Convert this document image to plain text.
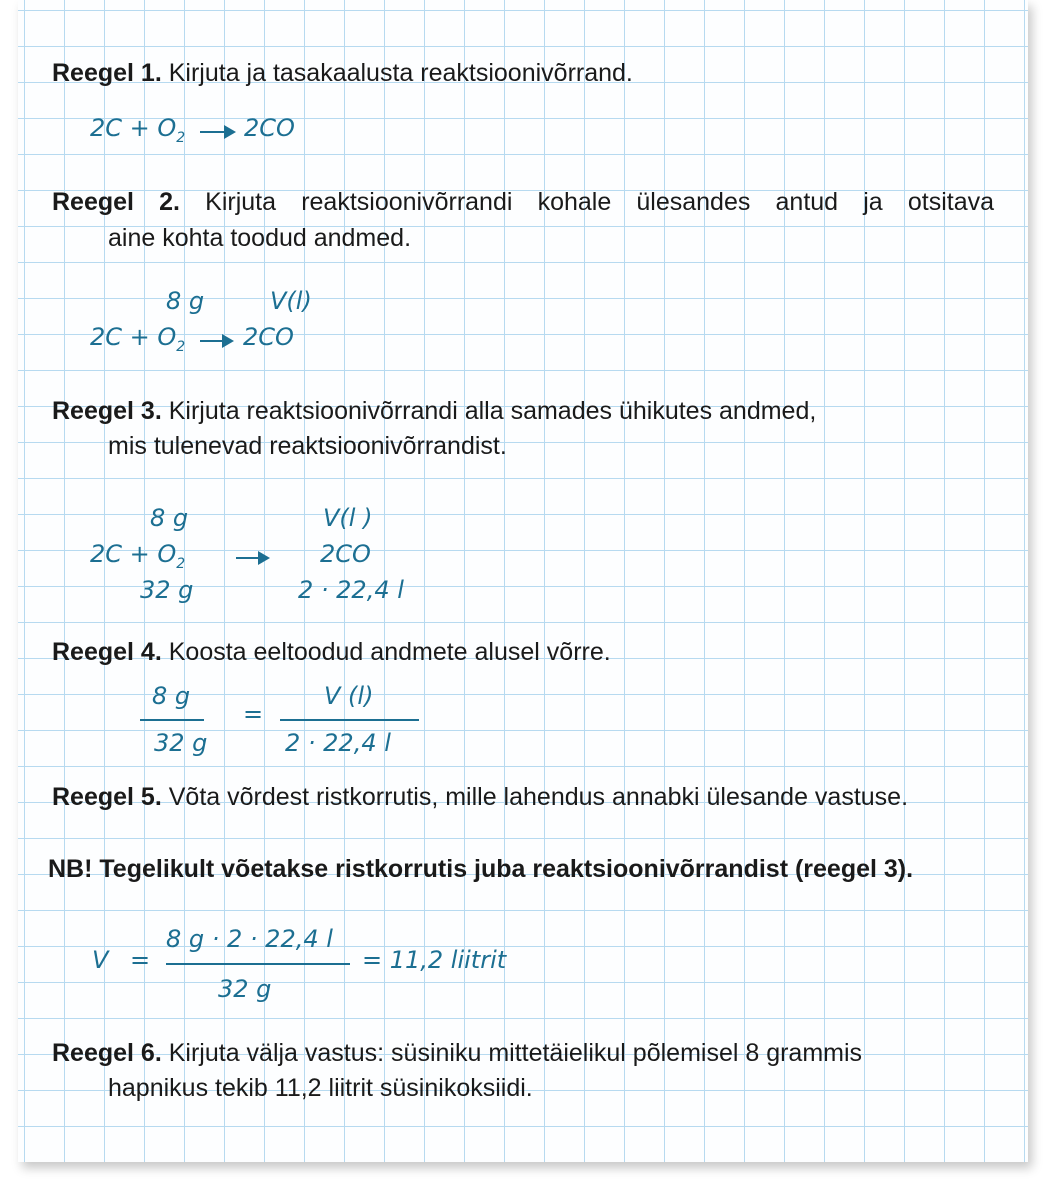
Reegel 1. Kirjuta ja tasakaalusta reaktsioonivõrrand.
$2C + O_2 \to 2CO$
Reegel 2. Kirjuta reaktsioonivõrrandi kohale ülesandes antud ja otsitava
aine kohta toodud andmed.
8 g	V(l)
$2C + O_2 \to 2CO$
Reegel 3. Kirjuta reaktsioonivõrrandi alla samades ühikutes andmed,
mis tulenevad reaktsioonivõrrandist.
8 g	V(l )
$2C + O_2$	2CO
32 g	2 · 22,4 l
Reegel 4. Koosta eeltoodud andmete alusel võrre.
8 g
32 g
=
V (l)
2 · 22,4 l
Reegel 5. Võta võrdest ristkorrutis, mille lahendus annabki ülesande vastuse.
NB! Tegelikult võetakse ristkorrutis juba reaktsioonivõrrandist (reegel 3).
V =
8 g · 2 · 22,4 l
32 g
= 11,2 liitrit
Reegel 6. Kirjuta välja vastus: süsiniku mittetäielikul põlemisel 8 grammis
hapnikus tekib 11,2 liitrit süsinikoksiidi.
